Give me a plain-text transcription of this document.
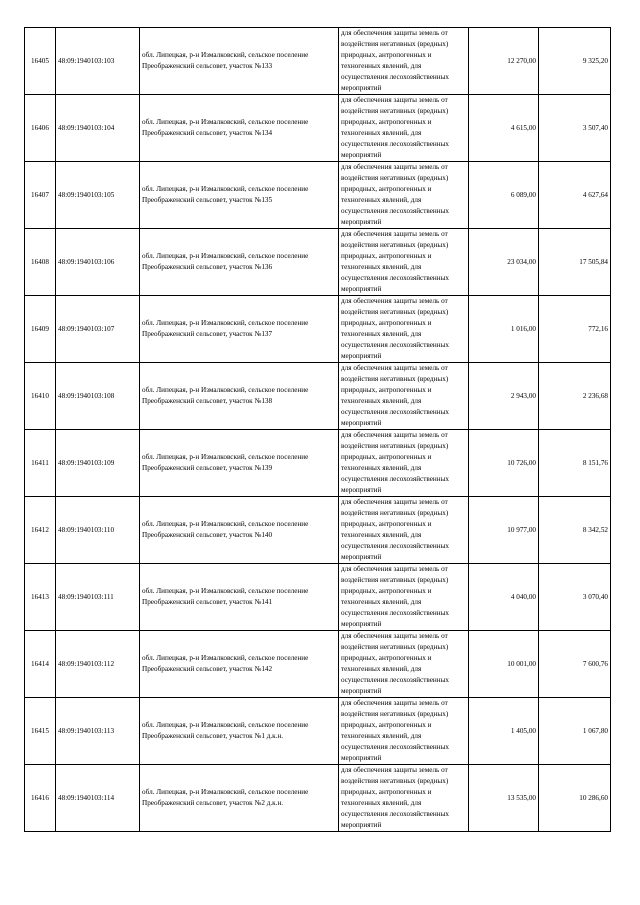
16405	48:09:1940103:103	обл. Липецкая, р-н Измалковский, сельское поселение Преображенский сельсовет, участок №133	для обеспечения защиты земель от воздействия негативных (вредных) природных, антропогенных и техногенных явлений, для осуществления лесохозяйственных мероприятий	12 270,00	9 325,20
16406	48:09:1940103:104	обл. Липецкая, р-н Измалковский, сельское поселение Преображенский сельсовет, участок №134	для обеспечения защиты земель от воздействия негативных (вредных) природных, антропогенных и техногенных явлений, для осуществления лесохозяйственных мероприятий	4 615,00	3 507,40
16407	48:09:1940103:105	обл. Липецкая, р-н Измалковский, сельское поселение Преображенский сельсовет, участок №135	для обеспечения защиты земель от воздействия негативных (вредных) природных, антропогенных и техногенных явлений, для осуществления лесохозяйственных мероприятий	6 089,00	4 627,64
16408	48:09:1940103:106	обл. Липецкая, р-н Измалковский, сельское поселение Преображенский сельсовет, участок №136	для обеспечения защиты земель от воздействия негативных (вредных) природных, антропогенных и техногенных явлений, для осуществления лесохозяйственных мероприятий	23 034,00	17 505,84
16409	48:09:1940103:107	обл. Липецкая, р-н Измалковский, сельское поселение Преображенский сельсовет, участок №137	для обеспечения защиты земель от воздействия негативных (вредных) природных, антропогенных и техногенных явлений, для осуществления лесохозяйственных мероприятий	1 016,00	772,16
16410	48:09:1940103:108	обл. Липецкая, р-н Измалковский, сельское поселение Преображенский сельсовет, участок №138	для обеспечения защиты земель от воздействия негативных (вредных) природных, антропогенных и техногенных явлений, для осуществления лесохозяйственных мероприятий	2 943,00	2 236,68
16411	48:09:1940103:109	обл. Липецкая, р-н Измалковский, сельское поселение Преображенский сельсовет, участок №139	для обеспечения защиты земель от воздействия негативных (вредных) природных, антропогенных и техногенных явлений, для осуществления лесохозяйственных мероприятий	10 726,00	8 151,76
16412	48:09:1940103:110	обл. Липецкая, р-н Измалковский, сельское поселение Преображенский сельсовет, участок №140	для обеспечения защиты земель от воздействия негативных (вредных) природных, антропогенных и техногенных явлений, для осуществления лесохозяйственных мероприятий	10 977,00	8 342,52
16413	48:09:1940103:111	обл. Липецкая, р-н Измалковский, сельское поселение Преображенский сельсовет, участок №141	для обеспечения защиты земель от воздействия негативных (вредных) природных, антропогенных и техногенных явлений, для осуществления лесохозяйственных мероприятий	4 040,00	3 070,40
16414	48:09:1940103:112	обл. Липецкая, р-н Измалковский, сельское поселение Преображенский сельсовет, участок №142	для обеспечения защиты земель от воздействия негативных (вредных) природных, антропогенных и техногенных явлений, для осуществления лесохозяйственных мероприятий	10 001,00	7 600,76
16415	48:09:1940103:113	обл. Липецкая, р-н Измалковский, сельское поселение Преображенский сельсовет, участок №1 д.к.н.	для обеспечения защиты земель от воздействия негативных (вредных) природных, антропогенных и техногенных явлений, для осуществления лесохозяйственных мероприятий	1 405,00	1 067,80
16416	48:09:1940103:114	обл. Липецкая, р-н Измалковский, сельское поселение Преображенский сельсовет, участок №2 д.к.н.	для обеспечения защиты земель от воздействия негативных (вредных) природных, антропогенных и техногенных явлений, для осуществления лесохозяйственных мероприятий	13 535,00	10 286,60
